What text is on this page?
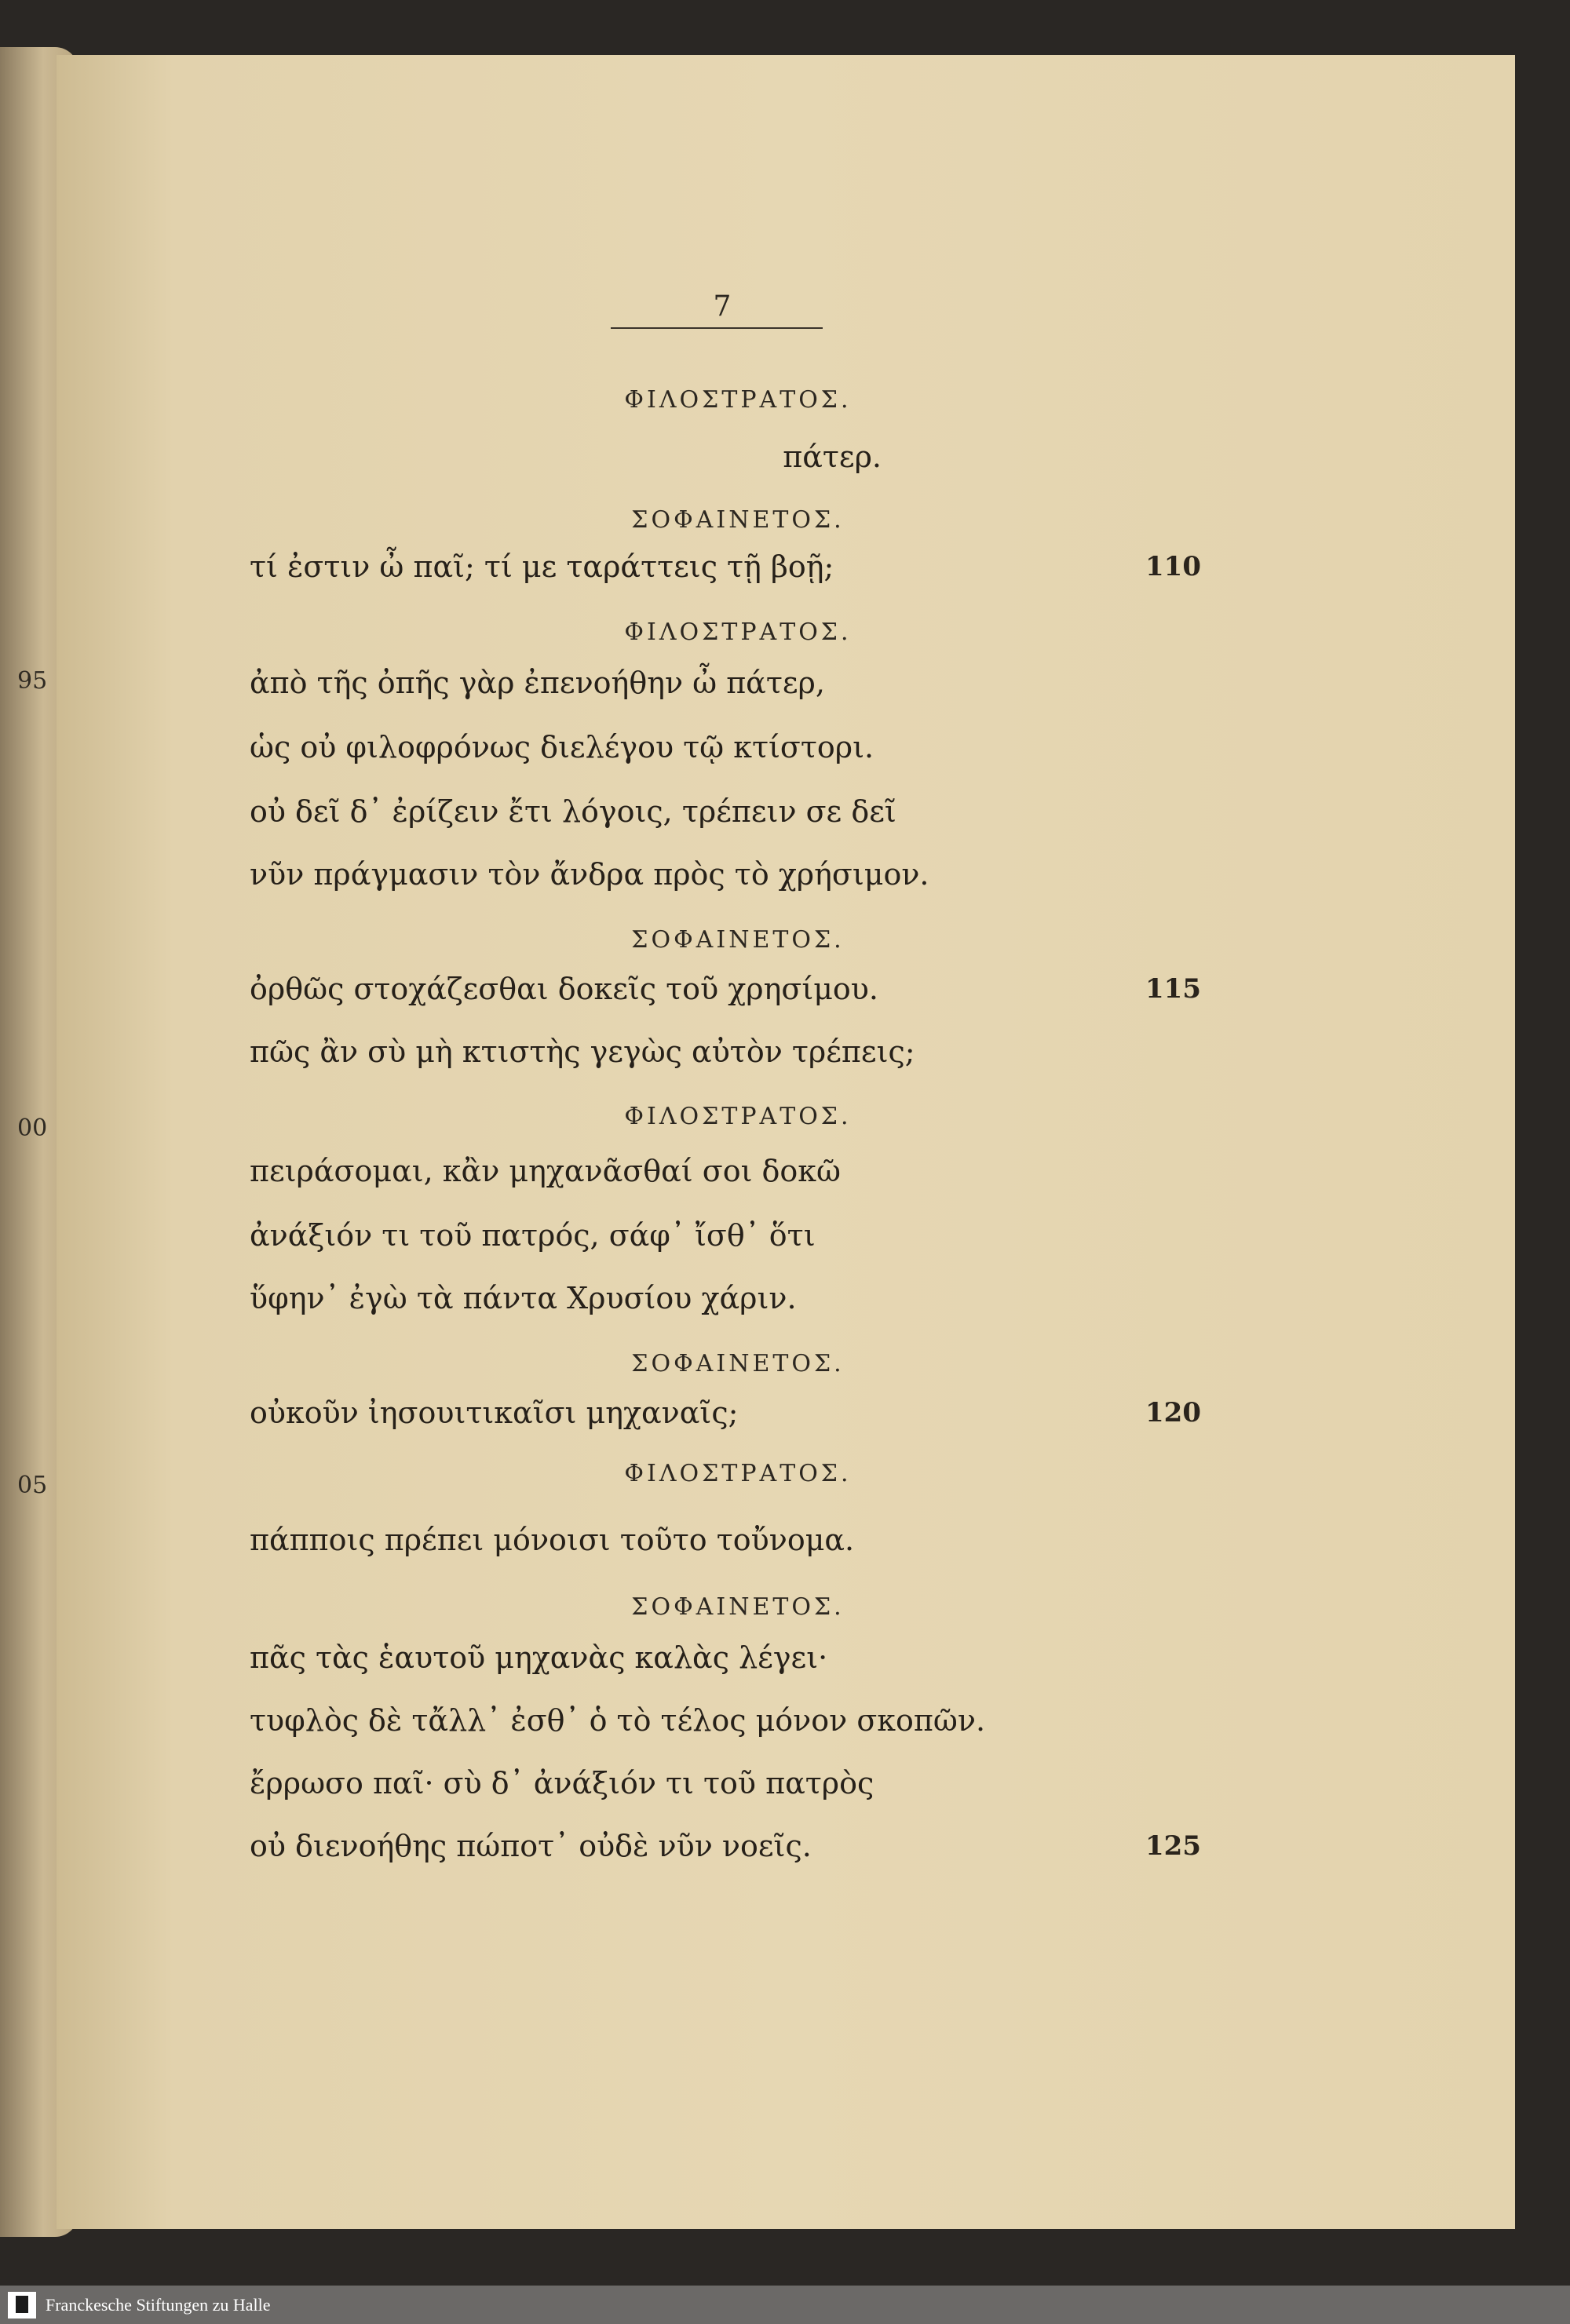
95
00
05
7
ΦΙΛΟΣΤΡΑΤΟΣ.
πάτερ.
ΣΟΦΑΙΝΕΤΟΣ.
τί ἐστιν ὦ παῖ; τί με ταράττεις τῇ βοῇ;	110
ΦΙΛΟΣΤΡΑΤΟΣ.
ἀπὸ τῆς ὀπῆς γὰρ ἐπενοήθην ὦ πάτερ,
ὡς οὐ φιλοφρόνως διελέγου τῷ κτίστορι.
οὐ δεῖ δ᾽ ἐρίζειν ἔτι λόγοις, τρέπειν σε δεῖ
νῦν πράγμασιν τὸν ἄνδρα πρὸς τὸ χρήσιμον.
ΣΟΦΑΙΝΕΤΟΣ.
ὀρθῶς στοχάζεσθαι δοκεῖς τοῦ χρησίμου.	115
πῶς ἂν σὺ μὴ κτιστὴς γεγὼς αὐτὸν τρέπεις;
ΦΙΛΟΣΤΡΑΤΟΣ.
πειράσομαι, κἂν μηχανᾶσθαί σοι δοκῶ
ἀνάξιόν τι τοῦ πατρός, σάφ᾽ ἴσθ᾽ ὅτι
ὕφην᾽ ἐγὼ τὰ πάντα Χρυσίου χάριν.
ΣΟΦΑΙΝΕΤΟΣ.
οὐκοῦν ἰησουιτικαῖσι μηχαναῖς;	120
ΦΙΛΟΣΤΡΑΤΟΣ.
πάπποις πρέπει μόνοισι τοῦτο τοὔνομα.
ΣΟΦΑΙΝΕΤΟΣ.
πᾶς τὰς ἑαυτοῦ μηχανὰς καλὰς λέγει·
τυφλὸς δὲ τἄλλ᾽ ἐσθ᾽ ὁ τὸ τέλος μόνον σκοπῶν.
ἔρρωσο παῖ· σὺ δ᾽ ἀνάξιόν τι τοῦ πατρὸς
οὐ διενοήθης πώποτ᾽ οὐδὲ νῦν νοεῖς.	125
Franckesche Stiftungen zu Halle
